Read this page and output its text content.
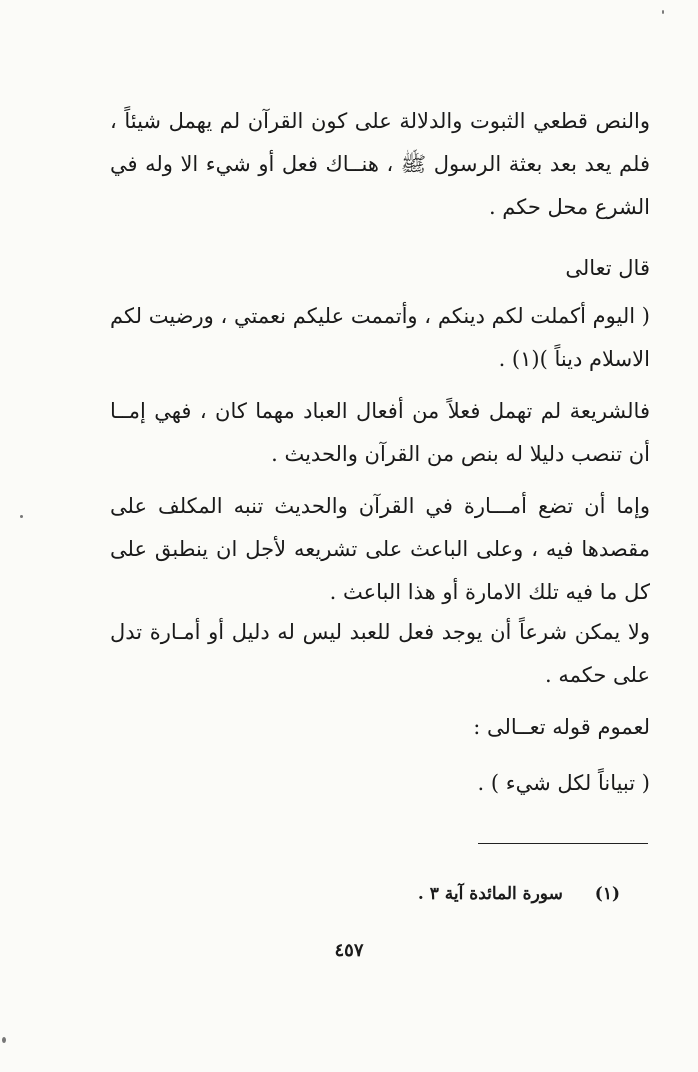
والنص قطعي الثبوت والدلالة على كون القرآن لم يهمل شيئاً ، فلم يعد بعد بعثة الرسول ﷺ ، هنــاك فعل أو شيء الا وله في الشرع محل حكم .

قال تعالى

( اليوم أكملت لكم دينكم ، وأتممت عليكم نعمتي ، ورضيت لكم الاسلام ديناً )(١) .

فالشريعة لم تهمل فعلاً من أفعال العباد مهما كان ، فهي إمــا أن تنصب دليلا له بنص من القرآن والحديث .

وإما أن تضع أمـــارة في القرآن والحديث تنبه المكلف على مقصدها فيه ، وعلى الباعث على تشريعه لأجل ان ينطبق على كل ما فيه تلك الامارة أو هذا الباعث .

ولا يمكن شرعاً أن يوجد فعل للعبد ليس له دليل أو أمـارة تدل على حكمه .

لعموم قوله تعــالى :

( تبياناً لكل شيء ) .

(١) سورة المائدة آية ٣ .
٤٥٧
